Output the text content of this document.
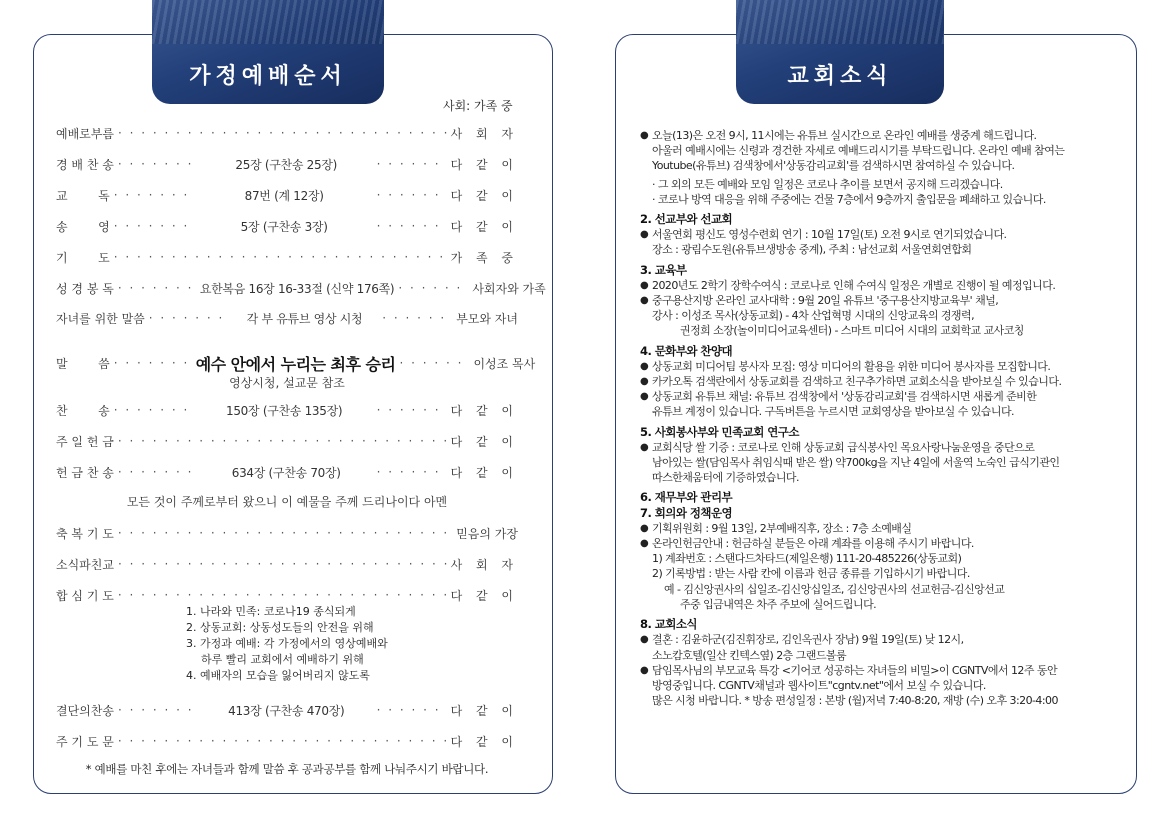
가정예배순서
사회: 가족 중
예배로부름 · · ·	사 회 자
경 배 찬 송 · · ·	25장 (구찬송 25장) · · ·	다 같 이
교        독 · · ·	87번 (계 12장) · · ·	다 같 이
송        영 · · ·	5장 (구찬송 3장) · · ·	다 같 이
기        도 · · ·	가 족 중
성 경 봉 독 · · ·	요한복음 16장 16-33절 (신약 176쪽) · · ·	사회자와 가족
자녀를 위한 말씀 · · ·	각 부 유튜브 영상 시청 · · ·	부모와 자녀
말        씀 · · ·	예수 안에서 누리는 최후 승리 · · ·	이성조 목사
찬        송 · · ·	150장 (구찬송 135장) · · ·	다 같 이
주 일 헌 금 · · ·	다 같 이
헌 금 찬 송 · · ·	634장 (구찬송 70장) · · ·	다 같 이
축 복 기 도 · · ·	믿음의 가장
소식파친교 · · ·	사 회 자
합 심 기 도 · · ·	다 같 이
결단의찬송 · · ·	413장 (구찬송 470장) · · ·	다 같 이
주 기 도 문 · · ·	다 같 이
영상시청, 설교문 참조
모든 것이 주께로부터 왔으니 이 예물을 주께 드리나이다 아멘
1. 나라와 민족: 코로나19 종식되게
2. 상동교회: 상동성도들의 안전을 위해
3. 가정과 예배: 각 가정에서의 영상예배와
하루 빨리 교회에서 예배하기 위해
4. 예배자의 모습을 잃어버리지 않도록
* 예배를 마친 후에는 자녀들과 함께 말씀 후 공과공부를 함께 나눠주시기 바랍니다.
교회소식
● 오늘(13)은 오전 9시, 11시에는 유튜브 실시간으로 온라인 예배를 생중계 해드립니다.
아울러 예배시에는 신령과 경건한 자세로 예배드리시기를 부탁드립니다. 온라인 예배 참여는
Youtube(유튜브) 검색창에서'상동감리교회'를 검색하시면 참여하실 수 있습니다.
· 그 외의 모든 예배와 모임 일정은 코로나 추이를 보면서 공지해 드리겠습니다.
· 코로나 방역 대응을 위해 주중에는 건물 7층에서 9층까지 출입문을 폐쇄하고 있습니다.
2. 선교부와 선교회
● 서울연회 평신도 영성수련회 연기 : 10월 17일(토) 오전 9시로 연기되었습니다.
장소 : 광림수도원(유튜브생방송 중계), 주최 : 남선교회 서울연회연합회
3. 교육부
● 2020년도 2학기 장학수여식 : 코로나로 인해 수여식 일정은 개별로 진행이 될 예정입니다.
● 중구용산지방 온라인 교사대학 : 9월 20일 유튜브 '중구용산지방교육부' 채널,
강사 : 이성조 목사(상동교회) - 4차 산업혁명 시대의 신앙교육의 경쟁력,
권정희 소장(놀이미디어교육센터) - 스마트 미디어 시대의 교회학교 교사코칭
4. 문화부와 찬양대
● 상동교회 미디어팀 봉사자 모집: 영상 미디어의 활용을 위한 미디어 봉사자를 모집합니다.
● 카카오톡 검색란에서 상동교회를 검색하고 친구추가하면 교회소식을 받아보실 수 있습니다.
● 상동교회 유튜브 채널: 유튜브 검색창에서 '상동감리교회'를 검색하시면 새롭게 준비한
유튜브 계정이 있습니다. 구독버튼을 누르시면 교회영상을 받아보실 수 있습니다.
5. 사회봉사부와 민족교회 연구소
● 교회식당 쌀 기증 : 코로나로 인해 상동교회 급식봉사인 목요사랑나눔운영을 중단으로
남아있는 쌀(담임목사 취임식때 받은 쌀) 약700kg을 지난 4일에 서울역 노숙인 급식기관인
따스한채움터에 기증하였습니다.
6. 재무부와 관리부
7. 회의와 정책운영
● 기획위원회 : 9월 13일, 2부예배직후, 장소 : 7층 소예배실
● 온라인헌금안내 : 헌금하실 분들은 아래 계좌를 이용해 주시기 바랍니다.
1) 계좌번호 : 스탠다드차타드(제일은행) 111-20-485226(상동교회)
2) 기록방법 : 받는 사람 칸에 이름과 헌금 종류를 기입하시기 바랍니다.
예 - 김신앙권사의 십일조-김신앙십일조, 김신앙권사의 선교헌금-김신앙선교
주중 입금내역은 차주 주보에 실어드립니다.
8. 교회소식
● 결혼 : 김윤하군(김진휘장로, 김인옥권사 장남) 9월 19일(토) 낮 12시,
소노캄호텔(일산 킨텍스옆) 2층 그랜드볼룸
● 담임목사님의 부모교육 특강 <기어코 성공하는 자녀들의 비밀>이 CGNTV에서 12주 동안
방영중입니다. CGNTV채널과 웹사이트"cgntv.net"에서 보실 수 있습니다.
많은 시청 바랍니다. * 방송 편성일정 : 본방 (월)저녁 7:40-8:20, 재방 (수) 오후 3:20-4:00
